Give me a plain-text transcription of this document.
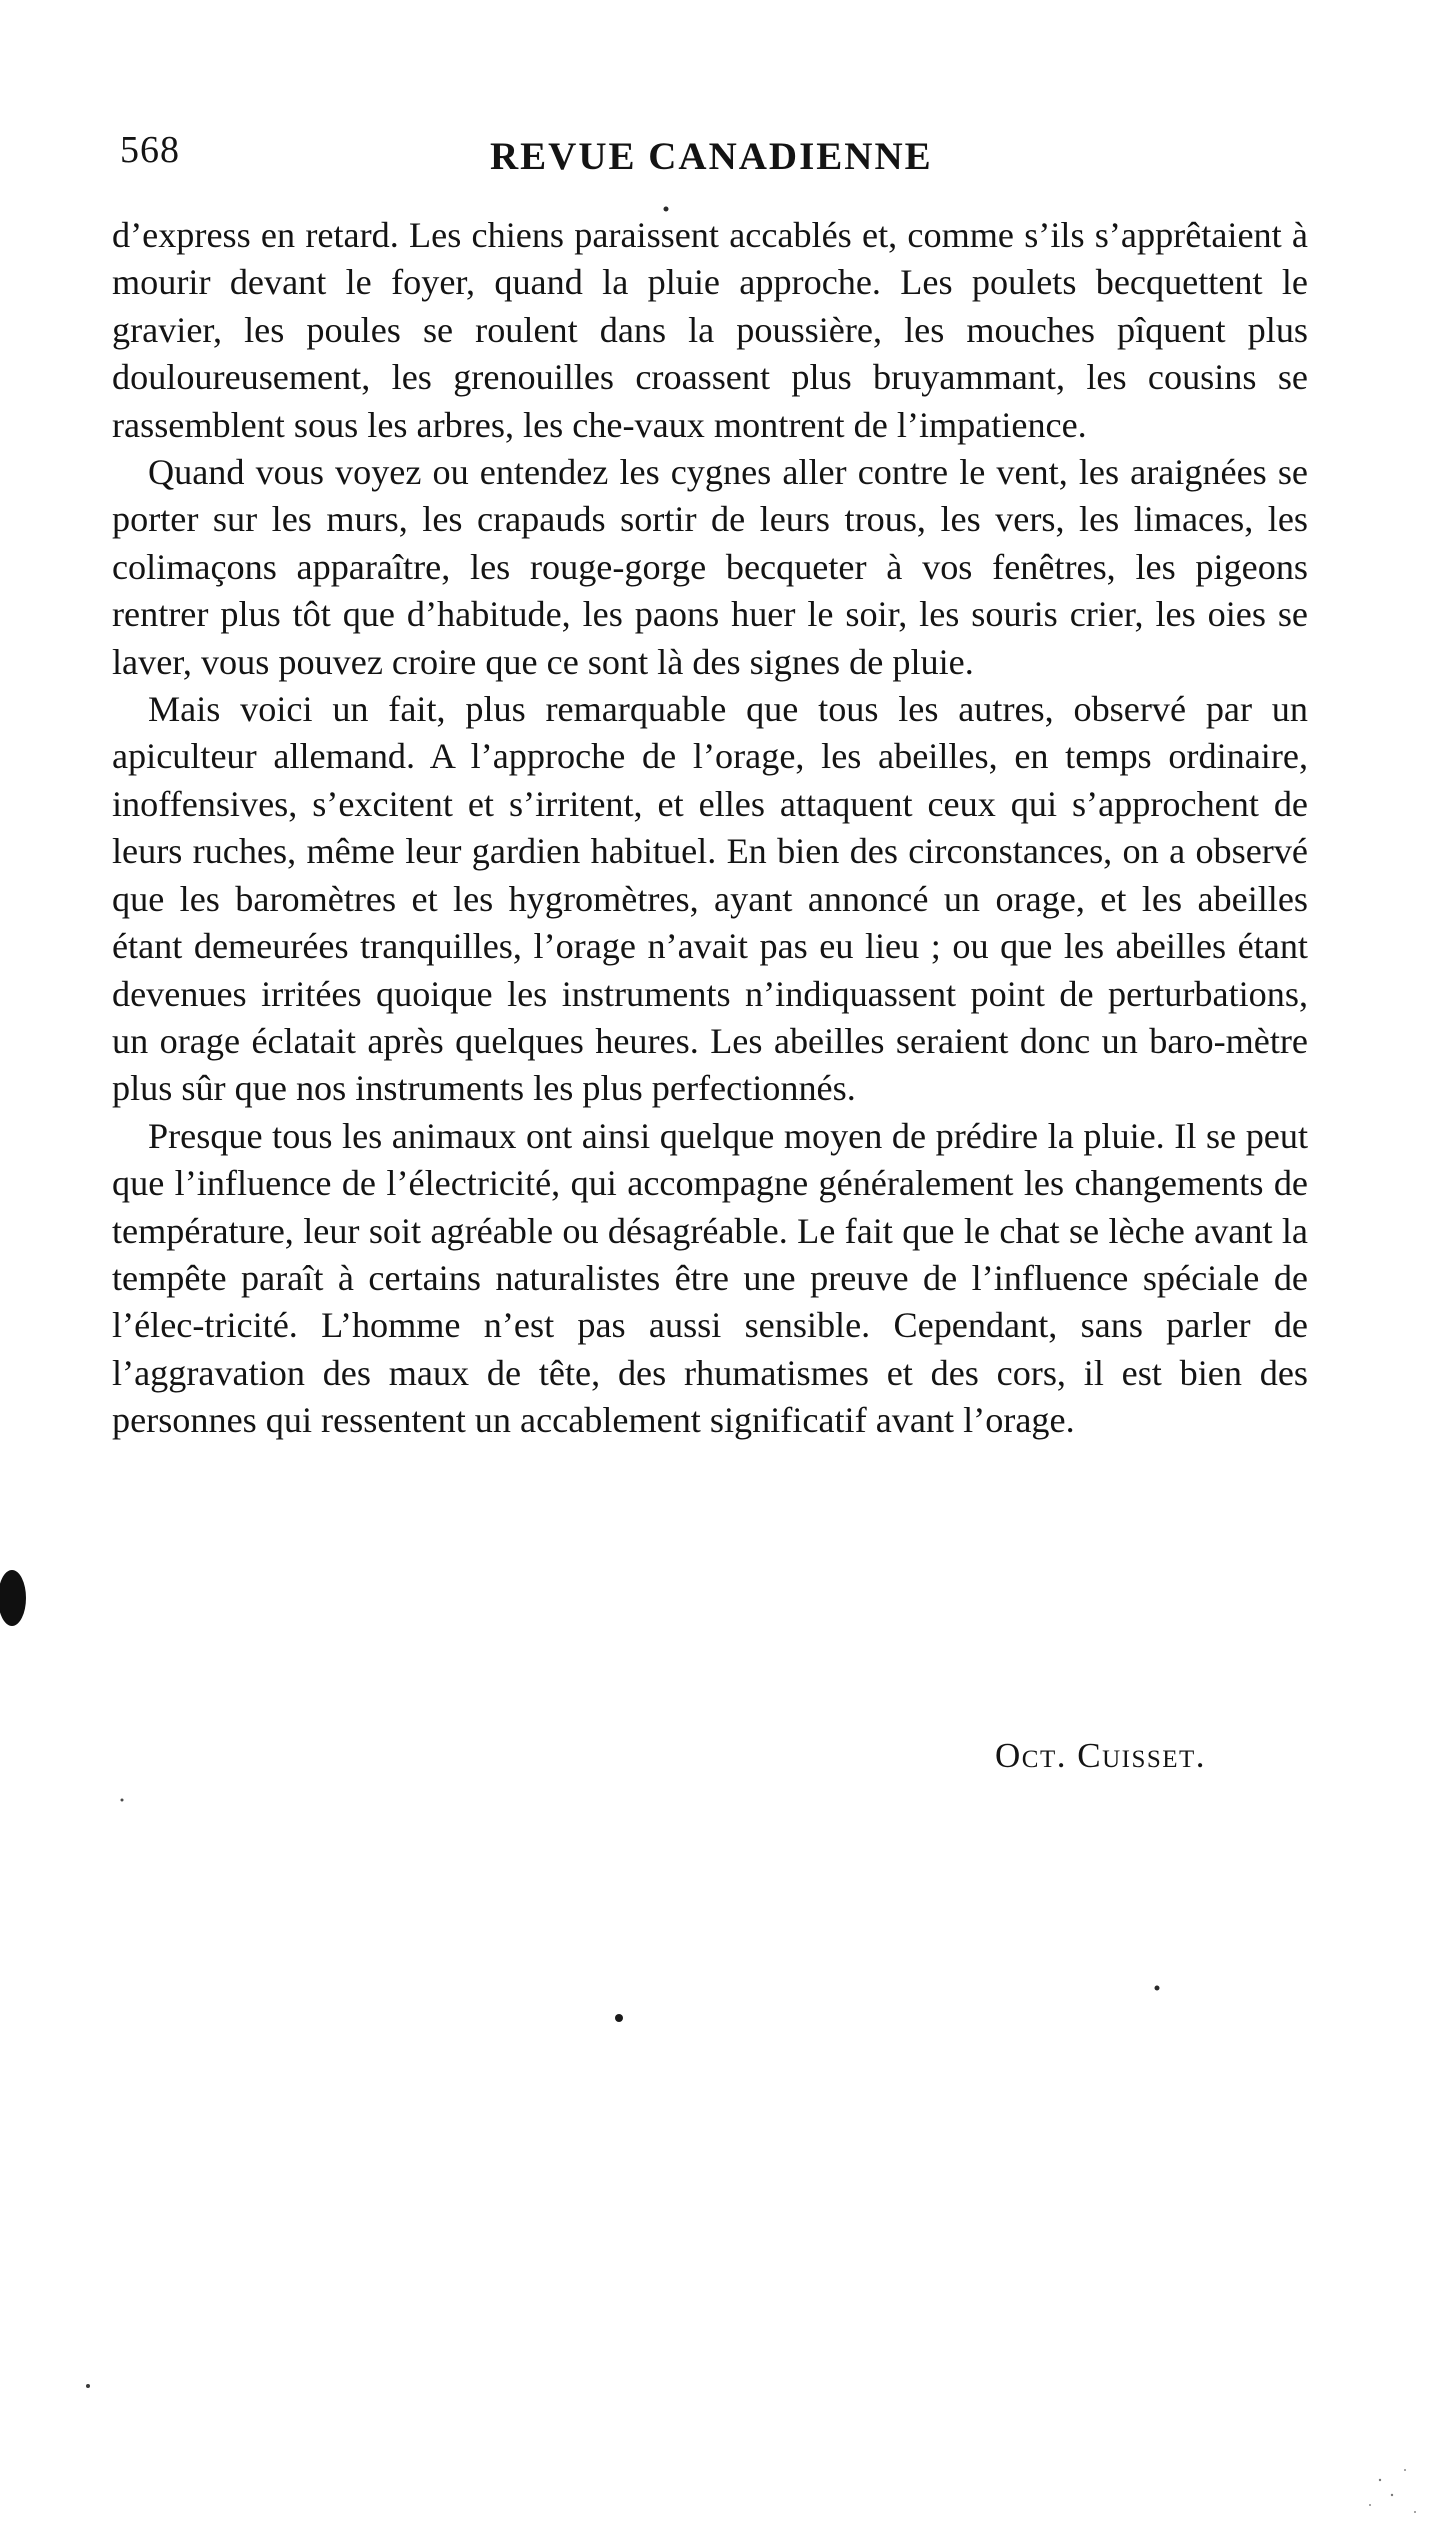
568	REVUE CANADIENNE

d’express en retard. Les chiens paraissent accablés et, comme s’ils s’apprêtaient à mourir devant le foyer, quand la pluie approche. Les poulets becquettent le gravier, les poules se roulent dans la poussière, les mouches pîquent plus douloureusement, les grenouilles croassent plus bruyammant, les cousins se rassemblent sous les arbres, les che-vaux montrent de l’impatience.

Quand vous voyez ou entendez les cygnes aller contre le vent, les araignées se porter sur les murs, les crapauds sortir de leurs trous, les vers, les limaces, les colimaçons apparaître, les rouge-gorge becqueter à vos fenêtres, les pigeons rentrer plus tôt que d’habitude, les paons huer le soir, les souris crier, les oies se laver, vous pouvez croire que ce sont là des signes de pluie.

Mais voici un fait, plus remarquable que tous les autres, observé par un apiculteur allemand. A l’approche de l’orage, les abeilles, en temps ordinaire, inoffensives, s’excitent et s’irritent, et elles attaquent ceux qui s’approchent de leurs ruches, même leur gardien habituel. En bien des circonstances, on a observé que les baromètres et les hygromètres, ayant annoncé un orage, et les abeilles étant demeurées tranquilles, l’orage n’avait pas eu lieu ; ou que les abeilles étant devenues irritées quoique les instruments n’indiquassent point de perturbations, un orage éclatait après quelques heures. Les abeilles seraient donc un baro-mètre plus sûr que nos instruments les plus perfectionnés.

Presque tous les animaux ont ainsi quelque moyen de prédire la pluie. Il se peut que l’influence de l’électricité, qui accompagne généralement les changements de température, leur soit agréable ou désagréable. Le fait que le chat se lèche avant la tempête paraît à certains naturalistes être une preuve de l’influence spéciale de l’élec-tricité. L’homme n’est pas aussi sensible. Cependant, sans parler de l’aggravation des maux de tête, des rhumatismes et des cors, il est bien des personnes qui ressentent un accablement significatif avant l’orage.

Oct. Cuisset.
